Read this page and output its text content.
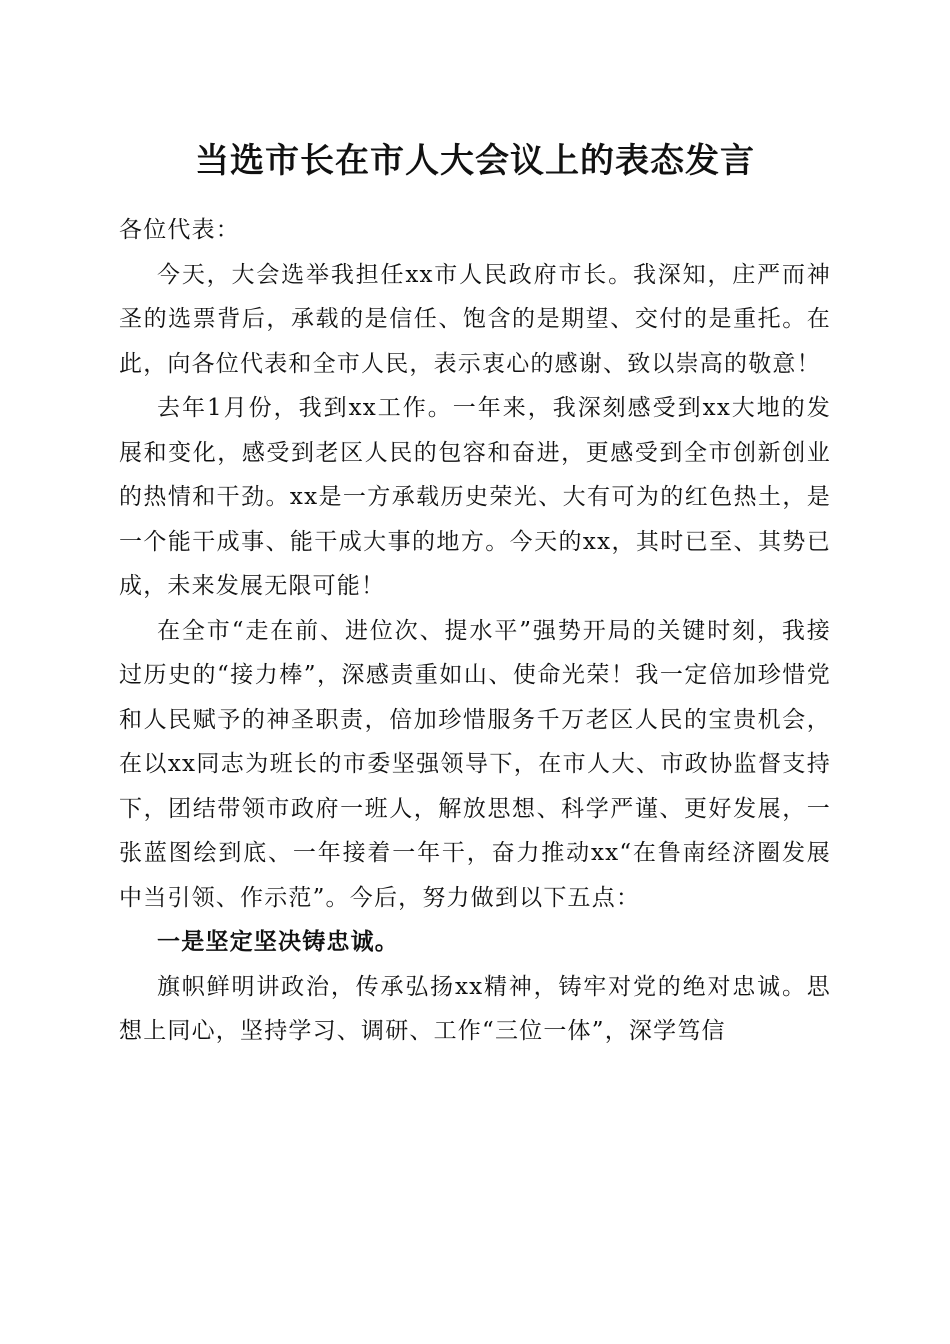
当选市长在市人大会议上的表态发言

各位代表：

今天，大会选举我担任xx市人民政府市长。我深知，庄严而神圣的选票背后，承载的是信任、饱含的是期望、交付的是重托。在此，向各位代表和全市人民，表示衷心的感谢、致以崇高的敬意！

去年1月份，我到xx工作。一年来，我深刻感受到xx大地的发展和变化，感受到老区人民的包容和奋进，更感受到全市创新创业的热情和干劲。xx是一方承载历史荣光、大有可为的红色热土，是一个能干成事、能干成大事的地方。今天的xx，其时已至、其势已成，未来发展无限可能！

在全市“走在前、进位次、提水平”强势开局的关键时刻，我接过历史的“接力棒”，深感责重如山、使命光荣！我一定倍加珍惜党和人民赋予的神圣职责，倍加珍惜服务千万老区人民的宝贵机会，在以xx同志为班长的市委坚强领导下，在市人大、市政协监督支持下，团结带领市政府一班人，解放思想、科学严谨、更好发展，一张蓝图绘到底、一年接着一年干，奋力推动xx“在鲁南经济圈发展中当引领、作示范”。今后，努力做到以下五点：

一是坚定坚决铸忠诚。

旗帜鲜明讲政治，传承弘扬xx精神，铸牢对党的绝对忠诚。思想上同心，坚持学习、调研、工作“三位一体”，深学笃信
